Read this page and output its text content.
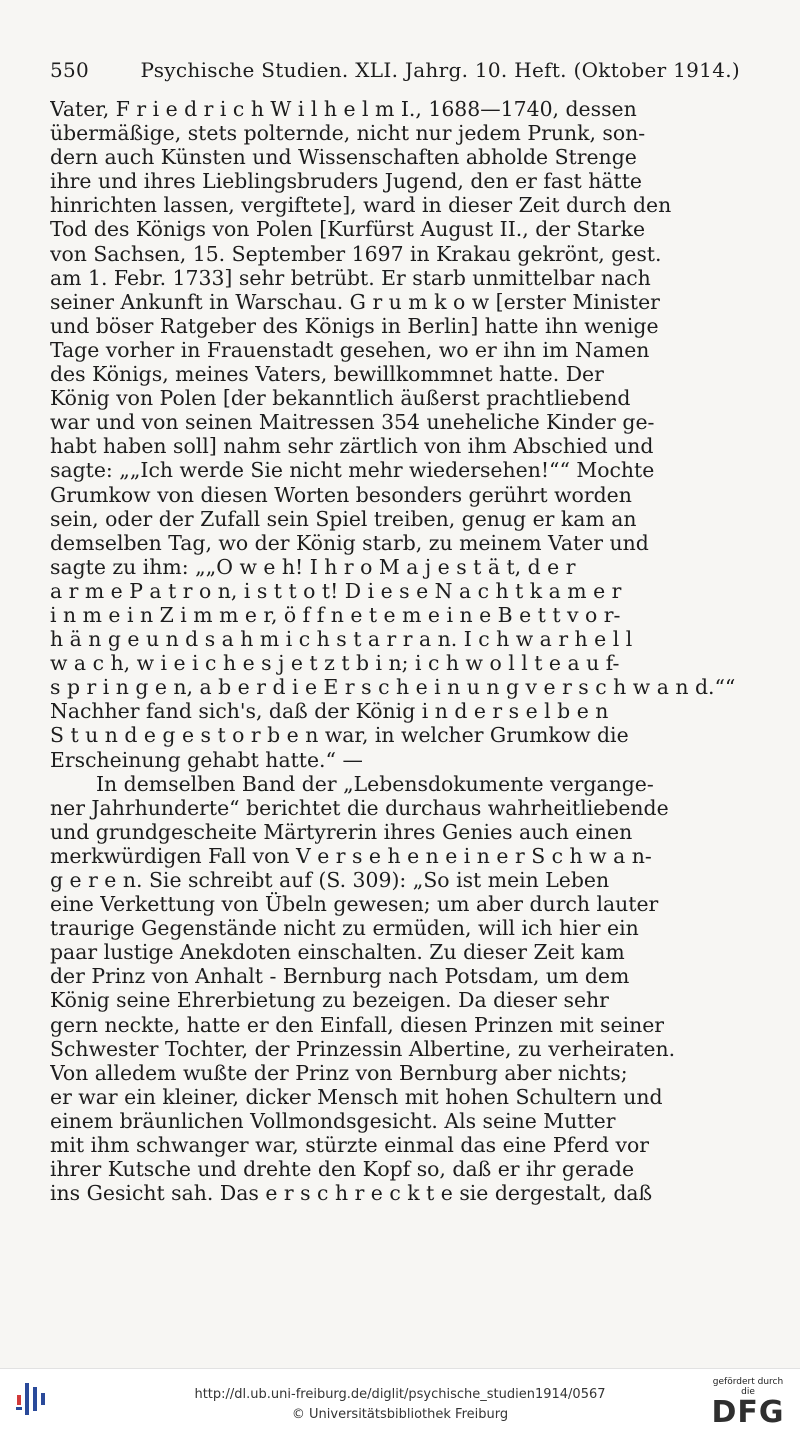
550	Psychische Studien. XLI. Jahrg. 10. Heft. (Oktober 1914.)
Vater, F r i e d r i c h W i l h e l m I., 1688—1740, dessen
übermäßige, stets polternde, nicht nur jedem Prunk, son-
dern auch Künsten und Wissenschaften abholde Strenge
ihre und ihres Lieblingsbruders Jugend, den er fast hätte
hinrichten lassen, vergiftete], ward in dieser Zeit durch den
Tod des Königs von Polen [Kurfürst August II., der Starke
von Sachsen, 15. September 1697 in Krakau gekrönt, gest.
am 1. Febr. 1733] sehr betrübt. Er starb unmittelbar nach
seiner Ankunft in Warschau. G r u m k o w [erster Minister
und böser Ratgeber des Königs in Berlin] hatte ihn wenige
Tage vorher in Frauenstadt gesehen, wo er ihn im Namen
des Königs, meines Vaters, bewillkommnet hatte. Der
König von Polen [der bekanntlich äußerst prachtliebend
war und von seinen Maitressen 354 uneheliche Kinder ge-
habt haben soll] nahm sehr zärtlich von ihm Abschied und
sagte: „„Ich werde Sie nicht mehr wiedersehen!““ Mochte
Grumkow von diesen Worten besonders gerührt worden
sein, oder der Zufall sein Spiel treiben, genug er kam an
demselben Tag, wo der König starb, zu meinem Vater und
sagte zu ihm: „„O w e h! I h r o M a j e s t ä t, d e r
a r m e P a t r o n, i s t t o t! D i e s e N a c h t k a m e r
i n m e i n Z i m m e r, ö f f n e t e m e i n e B e t t v o r-
h ä n g e u n d s a h m i c h s t a r r a n. I c h w a r h e l l
w a c h, w i e i c h e s j e t z t b i n; i c h w o l l t e a u f-
s p r i n g e n, a b e r d i e E r s c h e i n u n g v e r s c h w a n d.““
Nachher fand sich's, daß der König i n d e r s e l b e n
S t u n d e g e s t o r b e n war, in welcher Grumkow die
Erscheinung gehabt hatte.“ —
In demselben Band der „Lebensdokumente vergange-
ner Jahrhunderte“ berichtet die durchaus wahrheitliebende
und grundgescheite Märtyrerin ihres Genies auch einen
merkwürdigen Fall von V e r s e h e n e i n e r S c h w a n-
g e r e n. Sie schreibt auf (S. 309): „So ist mein Leben
eine Verkettung von Übeln gewesen; um aber durch lauter
traurige Gegenstände nicht zu ermüden, will ich hier ein
paar lustige Anekdoten einschalten. Zu dieser Zeit kam
der Prinz von Anhalt - Bernburg nach Potsdam, um dem
König seine Ehrerbietung zu bezeigen. Da dieser sehr
gern neckte, hatte er den Einfall, diesen Prinzen mit seiner
Schwester Tochter, der Prinzessin Albertine, zu verheiraten.
Von alledem wußte der Prinz von Bernburg aber nichts;
er war ein kleiner, dicker Mensch mit hohen Schultern und
einem bräunlichen Vollmondsgesicht. Als seine Mutter
mit ihm schwanger war, stürzte einmal das eine Pferd vor
ihrer Kutsche und drehte den Kopf so, daß er ihr gerade
ins Gesicht sah. Das e r s c h r e c k t e sie dergestalt, daß
http://dl.ub.uni-freiburg.de/diglit/psychische_studien1914/0567
© Universitätsbibliothek Freiburg
gefördert durch die
DFG
